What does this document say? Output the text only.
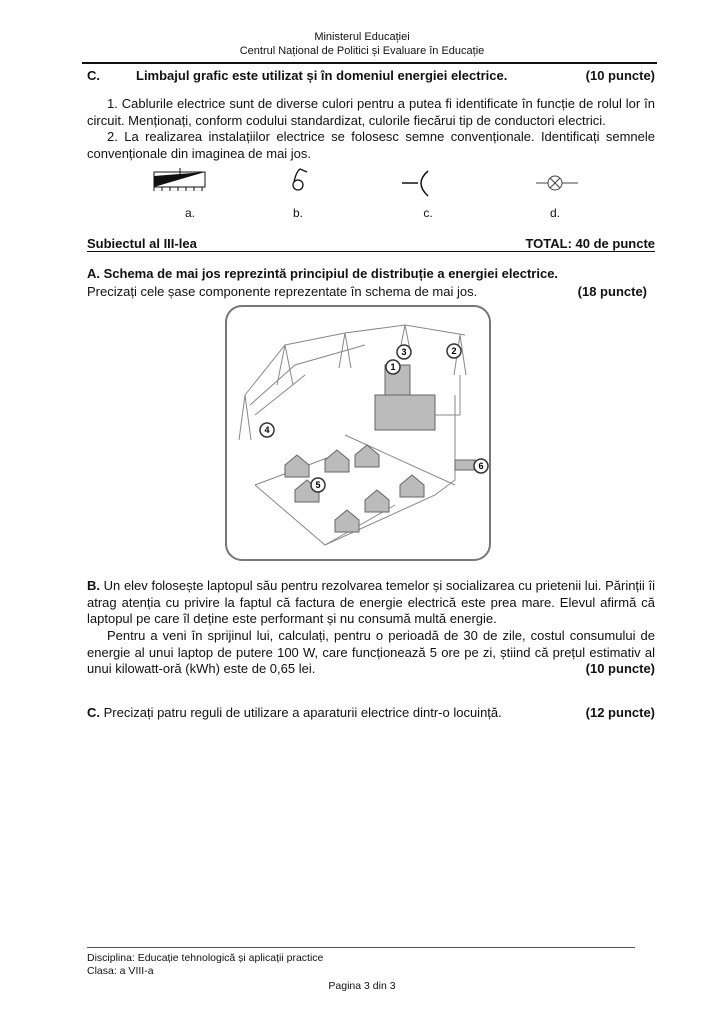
Ministerul Educației
Centrul Național de Politici și Evaluare în Educație
C.	Limbajul grafic este utilizat și în domeniul energiei electrice.	(10 puncte)
1. Cablurile electrice sunt de diverse culori pentru a putea fi identificate în funcție de rolul lor în circuit. Menționați, conform codului standardizat, culorile fiecărui tip de conductori electrici.
2. La realizarea instalațiilor electrice se folosesc semne convenționale. Identificați semnele convenționale din imaginea de mai jos.
a.	b.	c.	d.
Subiectul al III-lea	TOTAL: 40 de puncte
A. Schema de mai jos reprezintă principiul de distribuție a energiei electrice.
Precizați cele șase componente reprezentate în schema de mai jos.	(18 puncte)
1
2
3
4
5
6
B. Un elev folosește laptopul său pentru rezolvarea temelor și socializarea cu prietenii lui. Părinții îi atrag atenția cu privire la faptul că factura de energie electrică este prea mare. Elevul afirmă că laptopul pe care îl deține este performant și nu consumă multă energie.
Pentru a veni în sprijinul lui, calculați, pentru o perioadă de 30 de zile, costul consumului de energie al unui laptop de putere 100 W, care funcționează 5 ore pe zi, știind că prețul estimativ al unui kilowatt-oră (kWh) este de 0,65 lei.	(10 puncte)
C. Precizați patru reguli de utilizare a aparaturii electrice dintr-o locuință.	(12 puncte)
Disciplina: Educație tehnologică și aplicații practice
Clasa: a VIII-a
Pagina 3 din 3
